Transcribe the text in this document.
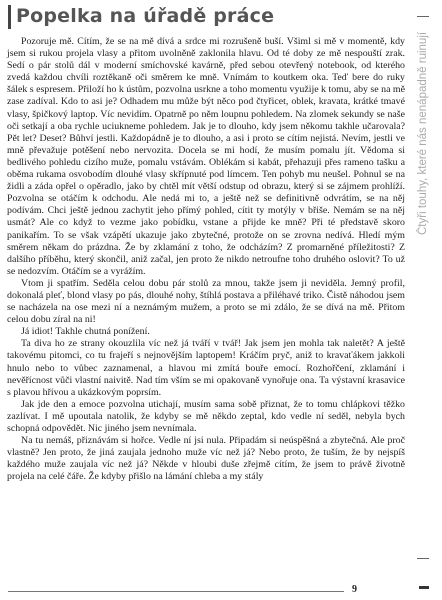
Popelka na úřadě práce

Pozoruje mě. Cítím, že se na mě dívá a srdce mi rozrušeně buší. Všiml si mě v momentě, kdy jsem si rukou projela vlasy a přitom uvolněně zaklonila hlavu. Od té doby ze mě nespouští zrak. Sedí o pár stolů dál v moderní smíchovské kavárně, před sebou otevřený notebook, od kterého zvedá každou chvíli roztěkaně oči směrem ke mně. Vnímám to koutkem oka. Teď bere do ruky šálek s espresem. Přiloží ho k ústům, pozvolna usrkne a toho momentu využije k tomu, aby se na mě zase zadíval. Kdo to asi je? Odhadem mu může být něco pod čtyřicet, oblek, kravata, krátké tmavé vlasy, špičkový laptop. Víc nevidím. Opatrně po něm loupnu pohledem. Na zlomek sekundy se naše oči setkají a oba rychle uciukneme pohledem. Jak je to dlouho, kdy jsem někomu takhle učarovala? Pět let? Deset? Bůhví jestli. Každopádně je to dlouho, a asi i proto se cítím nejistá. Nevím, jestli ve mně převažuje potěšení nebo nervozita. Docela se mi hodí, že musím pomalu jít. Vědoma si bedlivého pohledu cizího muže, pomalu vstávám. Oblékám si kabát, přehazuji přes rameno tašku a oběma rukama osvobodím dlouhé vlasy skřípnuté pod límcem. Ten pohyb mu neušel. Pohnul se na židli a záda opřel o opěradlo, jako by chtěl mít větší odstup od obrazu, který si se zájmem prohlíží. Pozvolna se otáčím k odchodu. Ale nedá mi to, a ještě než se definitivně odvrátím, se na něj podívám. Chci ještě jednou zachytit jeho přímý pohled, cítit ty motýly v břiše. Nemám se na něj usmát? Ale co když to vezme jako pobídku, vstane a přijde ke mně? Při té představě skoro panikařím. To se však vzápětí ukazuje jako zbytečné, protože on se zrovna nedívá. Hledí mým směrem někam do prázdna. Že by zklamání z toho, že odcházím? Z promarněné příležitosti? Z dalšího příběhu, který skončil, aniž začal, jen proto že nikdo netroufne toho druhého oslovit? To už se nedozvím. Otáčím se a vyrážím.

Vtom ji spatřím. Seděla celou dobu pár stolů za mnou, takže jsem ji neviděla. Jemný profil, dokonalá pleť, blond vlasy po pás, dlouhé nohy, štíhlá postava a přiléhavé triko. Čistě náhodou jsem se nacházela na ose mezi ní a neznámým mužem, a proto se mi zdálo, že se dívá na mě. Přitom celou dobu zíral na ni!

Já idiot! Takhle chutná ponížení.

Ta diva ho ze strany okouzlila víc než já tváří v tvář! Jak jsem jen mohla tak naletět? A ještě takovému pitomci, co tu frajeří s nejnovějším laptopem! Kráčím pryč, aniž to kravaťákem jakkoli hnulo nebo to vůbec zaznamenal, a hlavou mi zmítá bouře emocí. Rozhořčení, zklamání i nevěřícnost vůči vlastní naivitě. Nad tím vším se mi opakovaně vynořuje ona. Ta výstavní krasavice s plavou hřívou a ukázkovým poprsím.

Jak jde den a emoce pozvolna utichají, musím sama sobě přiznat, že to tomu chlápkovi těžko zazlívat. I mě upoutala natolik, že kdyby se mě někdo zeptal, kdo vedle ní seděl, nebyla bych schopná odpovědět. Nic jiného jsem nevnímala.

Na tu nemáš, přiznávám si hořce. Vedle ní jsi nula. Připadám si neúspěšná a zbytečná. Ale proč vlastně? Jen proto, že jiná zaujala jednoho muže víc než já? Nebo proto, že tuším, že by nejspíš každého muže zaujala víc než já? Někde v hloubi duše zřejmě cítím, že jsem to právě životně projela na celé čáře. Že kdyby přišlo na lámání chleba a my stály

Čtyři touhy, které nás nenápadně ruinují
9
